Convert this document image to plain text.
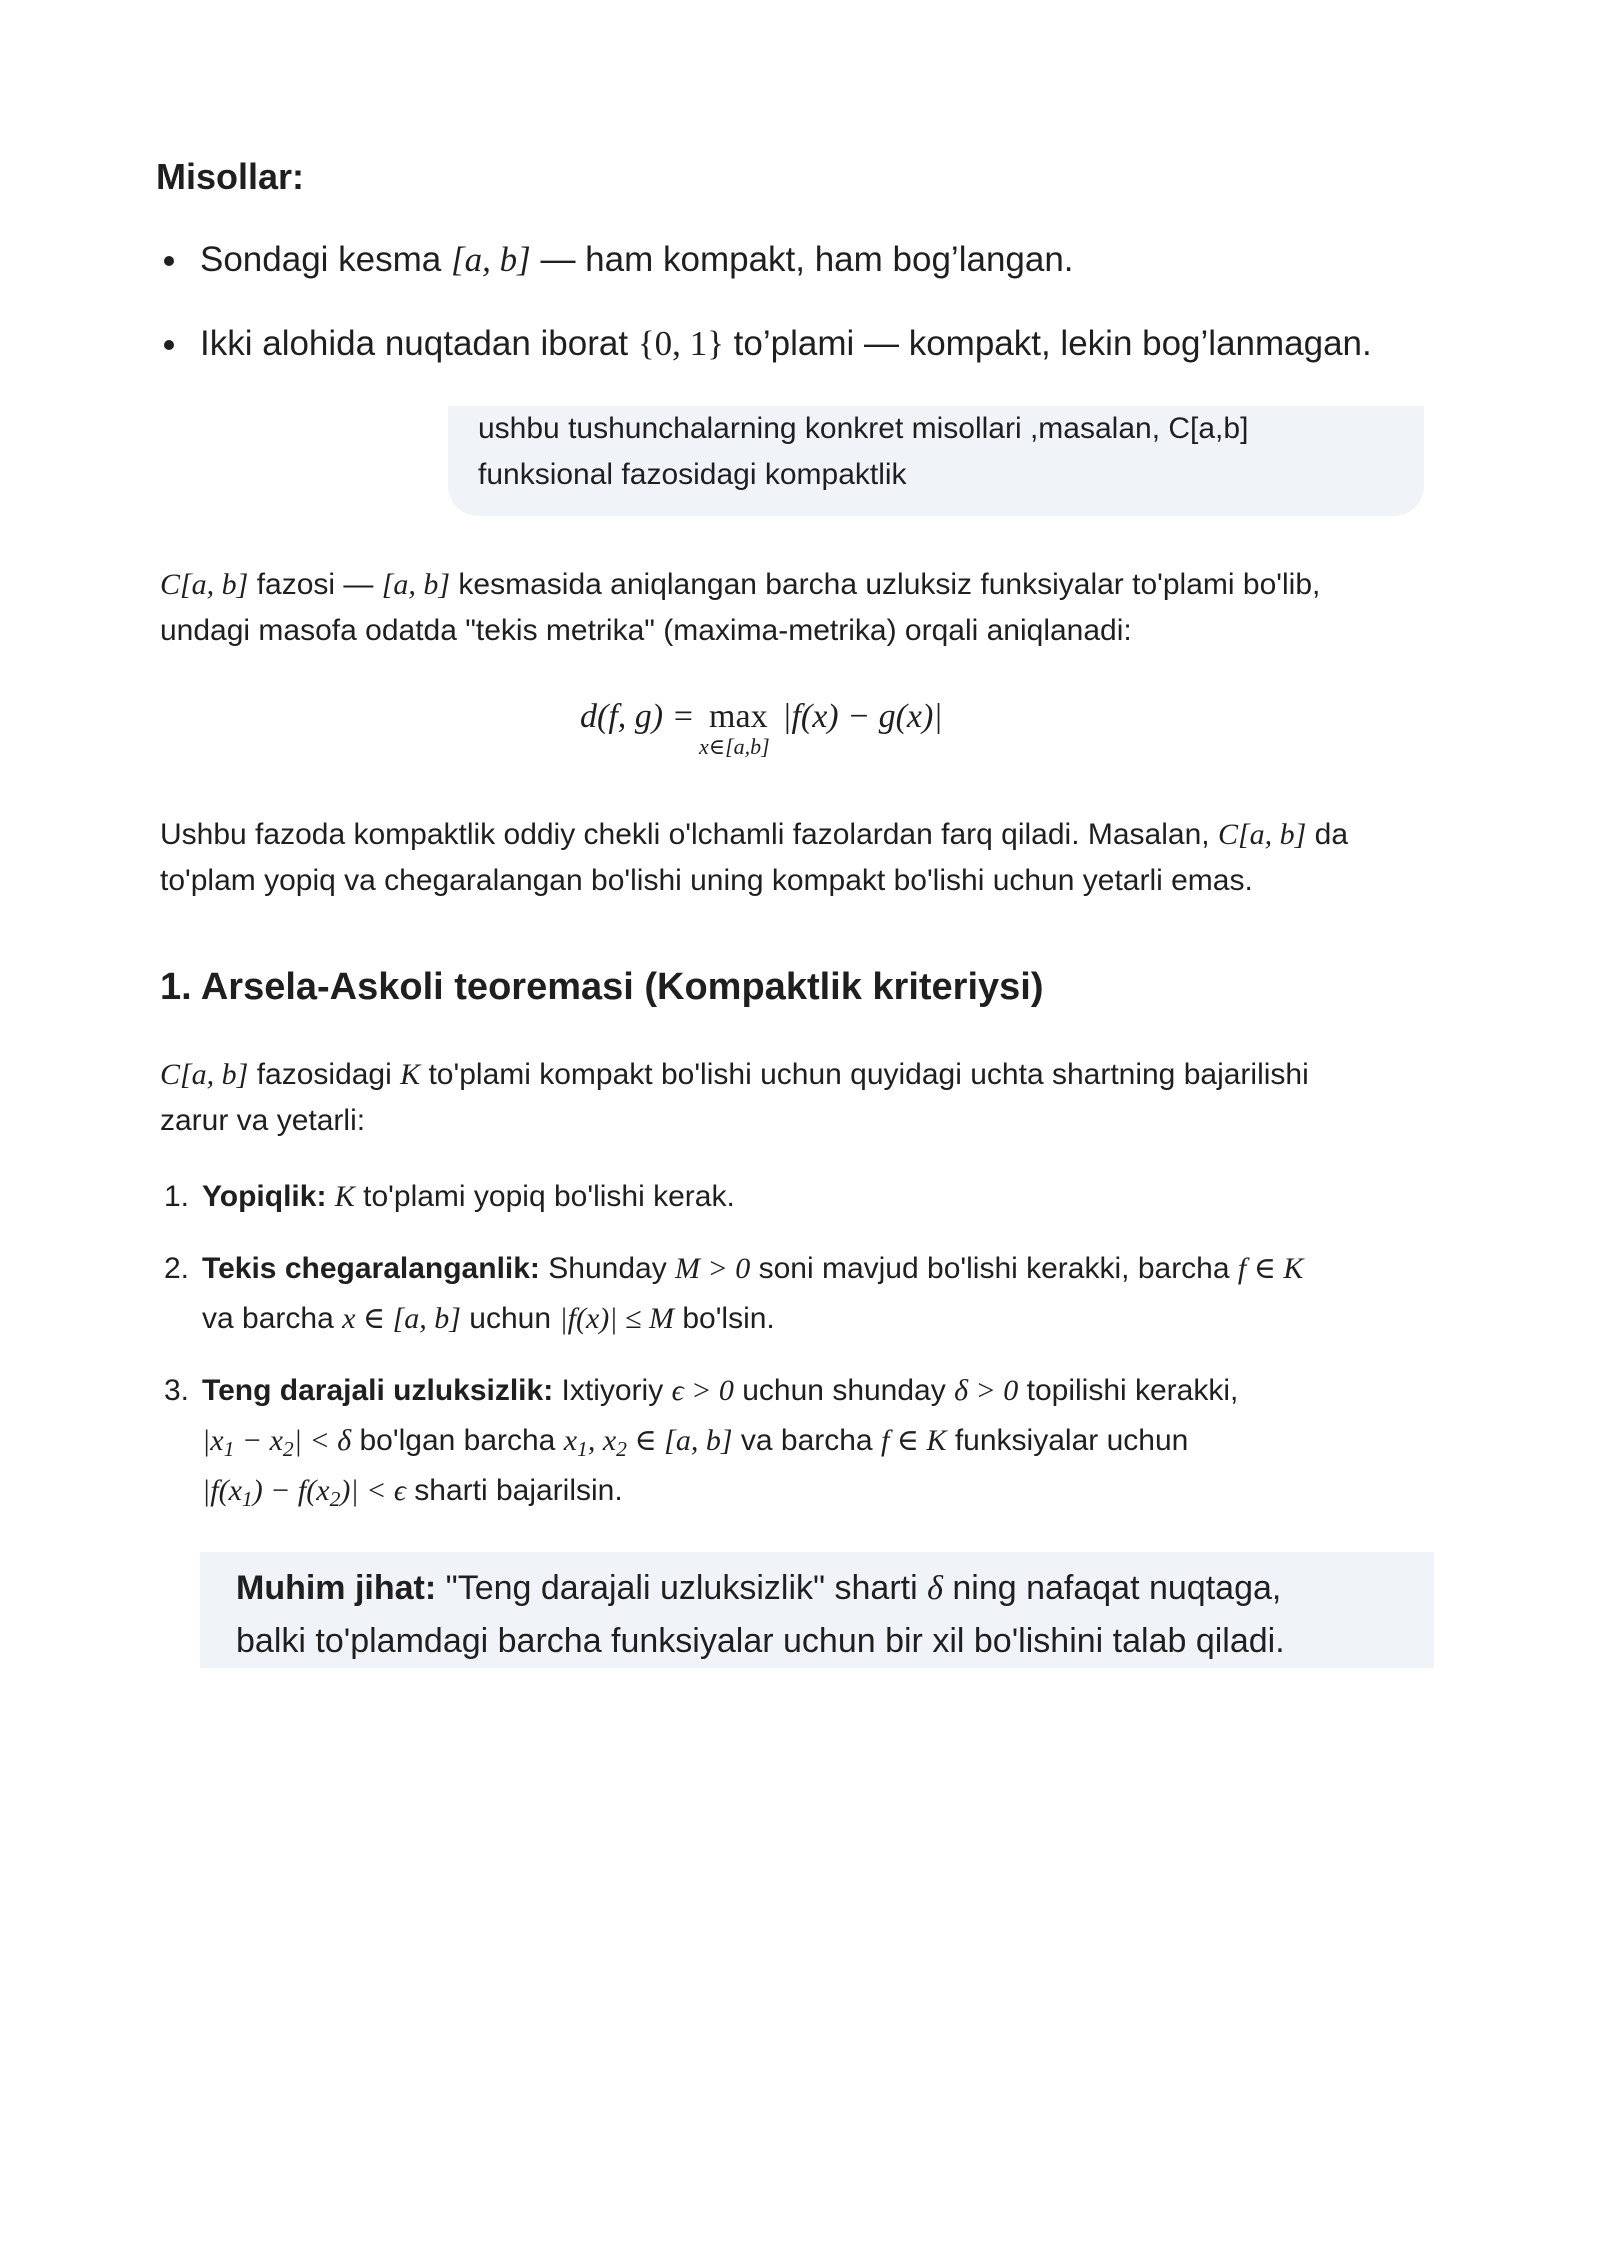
Misollar:
Sondagi kesma [a, b] — ham kompakt, ham bog’langan.
Ikki alohida nuqtadan iborat {0, 1} to’plami — kompakt, lekin bog’lanmagan.
ushbu tushunchalarning konkret misollari ,masalan, C[a,b]
funksional fazosidagi kompaktlik

C[a, b] fazosi — [a, b] kesmasida aniqlangan barcha uzluksiz funksiyalar to'plami bo'lib,
undagi masofa odatda "tekis metrika" (maxima-metrika) orqali aniqlanadi:

d(f, g) = max
x∈[a,b]
|f(x) − g(x)|

Ushbu fazoda kompaktlik oddiy chekli o'lchamli fazolardan farq qiladi. Masalan, C[a, b] da
to'plam yopiq va chegaralangan bo'lishi uning kompakt bo'lishi uchun yetarli emas.

1. Arsela-Askoli teoremasi (Kompaktlik kriteriysi)

C[a, b] fazosidagi K to'plami kompakt bo'lishi uchun quyidagi uchta shartning bajarilishi
zarur va yetarli:

1. Yopiqlik: K to'plami yopiq bo'lishi kerak.
2. Tekis chegaralanganlik: Shunday M > 0 soni mavjud bo'lishi kerakki, barcha f ∈ K
va barcha x ∈ [a, b] uchun |f(x)| ≤ M bo'lsin.
3. Teng darajali uzluksizlik: Ixtiyoriy ϵ > 0 uchun shunday δ > 0 topilishi kerakki,
$|x_1 - x_2| < \delta$ bo'lgan barcha $x_1$, $x_2$ ∈ [a, b] va barcha f ∈ K funksiyalar uchun
$|f(x_1) - f(x_2)| < \epsilon$ sharti bajarilsin.
Muhim jihat: "Teng darajali uzluksizlik" sharti δ ning nafaqat nuqtaga,
balki to'plamdagi barcha funksiyalar uchun bir xil bo'lishini talab qiladi.
